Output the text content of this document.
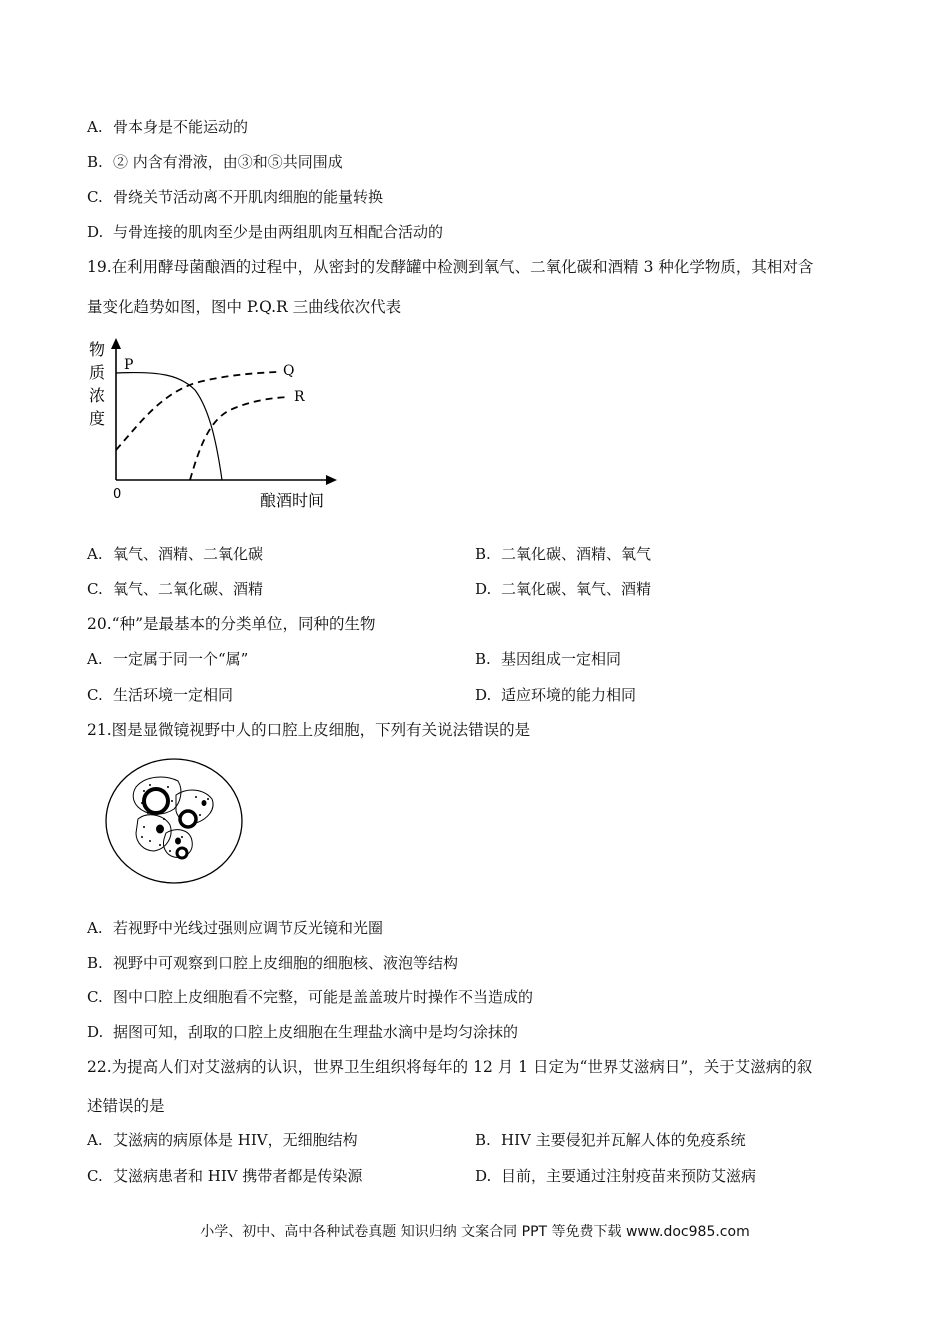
A. 骨本身是不能运动的
B. ② 内含有滑液，由③和⑤共同围成
C. 骨绕关节活动离不开肌肉细胞的能量转换
D. 与骨连接的肌肉至少是由两组肌肉互相配合活动的
19.在利用酵母菌酿酒的过程中，从密封的发酵罐中检测到氧气、二氧化碳和酒精 3 种化学物质，其相对含
量变化趋势如图，图中 P.Q.R 三曲线依次代表
物
质
浓
度
0	酿酒时间
P	Q
R
A. 氧气、酒精、二氧化碳	B. 二氧化碳、酒精、氧气
C. 氧气、二氧化碳、酒精	D. 二氧化碳、氧气、酒精
20.“种”是最基本的分类单位，同种的生物
A. 一定属于同一个“属”	B. 基因组成一定相同
C. 生活环境一定相同	D. 适应环境的能力相同
21.图是显微镜视野中人的口腔上皮细胞，下列有关说法错误的是
A. 若视野中光线过强则应调节反光镜和光圈
B. 视野中可观察到口腔上皮细胞的细胞核、液泡等结构
C. 图中口腔上皮细胞看不完整，可能是盖盖玻片时操作不当造成的
D. 据图可知，刮取的口腔上皮细胞在生理盐水滴中是均匀涂抹的
22.为提高人们对艾滋病的认识，世界卫生组织将每年的 12 月 1 日定为“世界艾滋病日”，关于艾滋病的叙
述错误的是
A. 艾滋病的病原体是 HIV，无细胞结构	B. HIV 主要侵犯并瓦解人体的免疫系统
C. 艾滋病患者和 HIV 携带者都是传染源	D. 目前，主要通过注射疫苗来预防艾滋病
小学、初中、高中各种试卷真题 知识归纳 文案合同 PPT 等免费下载 www.doc985.com
